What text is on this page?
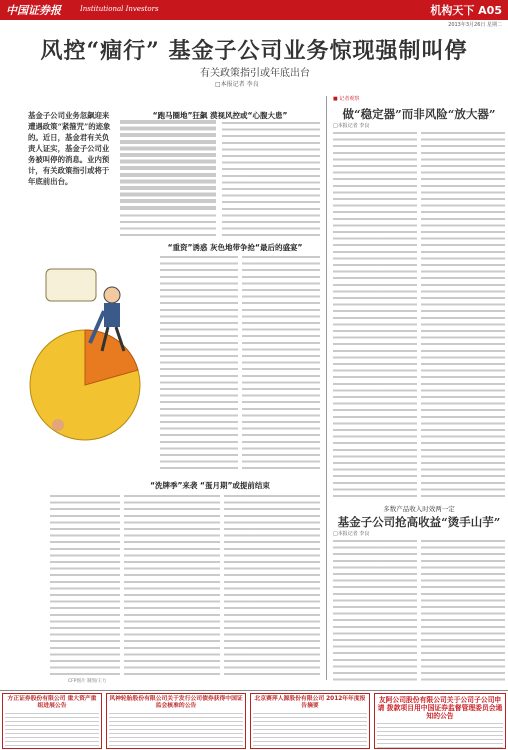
中国证券报	Institutional Investors	机构天下 A05
2013年3月26日 星期二
风控“痼行” 基金子公司业务惊现强制叫停
有关政策指引或年底出台
□本报记者 李良
基金子公司业务忽飙迎来遭遇政策“紧箍咒”的迹象的。近日，基金君有关负责人证实，基金子公司业务被叫停的消息。业内预计，有关政策指引或将于年底前出台。
“跑马圈地”狂飙 漠视风控或“心腹大患”
“重资”诱惑 灰色地带争抢“最后的盛宴”
“洗牌季”来袭 “蛋月期”或提前结束
CFP图片 制图/王力
■ 记者观察
做“稳定器”而非风险“放大器”
□本报记者 李良
多数产品收入时效两一定
基金子公司抢高收益“烫手山芋”
□本报记者 李良
方正证券股份有限公司 重大资产重组进展公告
风神轮胎股份有限公司关于发行公司债券获得中国证监会核准的公告
北京赛萍人源股份有限公司 2012年年度报告摘要
友阿公司股份有限公司关于公司子公司申请 拨款项目用中国证券监督管理委员会通知的公告
